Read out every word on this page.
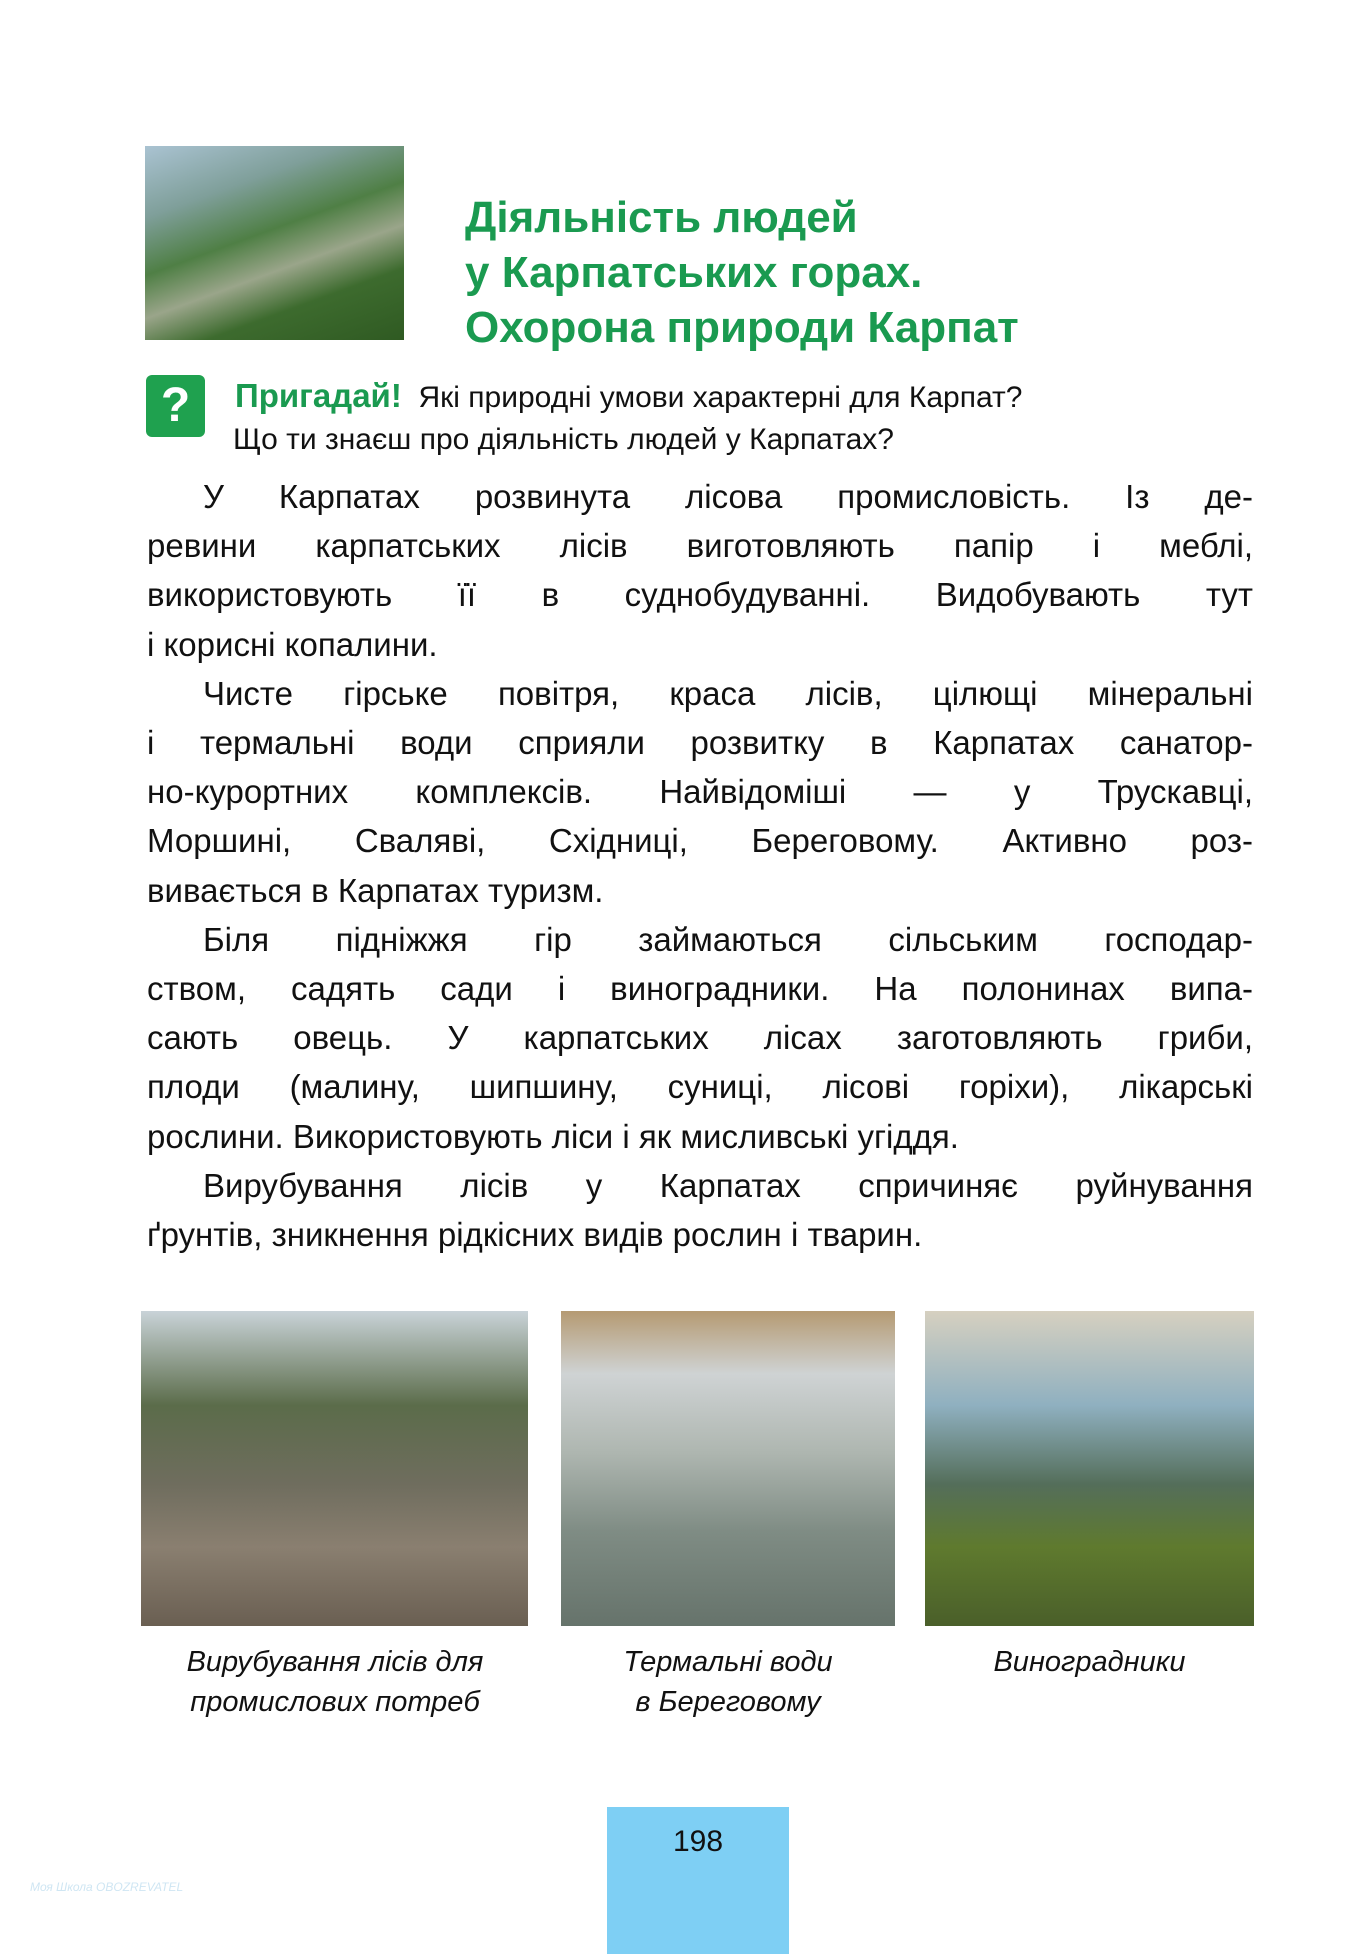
Моя Школа OBOZREVATEL
Діяльність людей
у Карпатських горах.
Охорона природи Карпат
?	Пригадай! Які природні умови характерні для Карпат?
Що ти знаєш про діяльність людей у Карпатах?
У Карпатах розвинута лісова промисловість. Із де-
ревини карпатських лісів виготовляють папір і меблі,
використовують її в суднобудуванні. Видобувають тут
і корисні копалини.
Чисте гірське повітря, краса лісів, цілющі мінеральні
і термальні води сприяли розвитку в Карпатах санатор-
но-курортних комплексів. Найвідоміші — у Трускавці,
Моршині, Сваляві, Східниці, Береговому. Активно роз-
вивається в Карпатах туризм.
Біля підніжжя гір займаються сільським господар-
ством, садять сади і виноградники. На полонинах випа-
сають овець. У карпатських лісах заготовляють гриби,
плоди (малину, шипшину, суниці, лісові горіхи), лікарські
рослини. Використовують ліси і як мисливські угіддя.
Вирубування лісів у Карпатах спричиняє руйнування
ґрунтів, зникнення рідкісних видів рослин і тварин.
Вирубування лісів для
промислових потреб
Термальні води
в Береговому
Виноградники
198
